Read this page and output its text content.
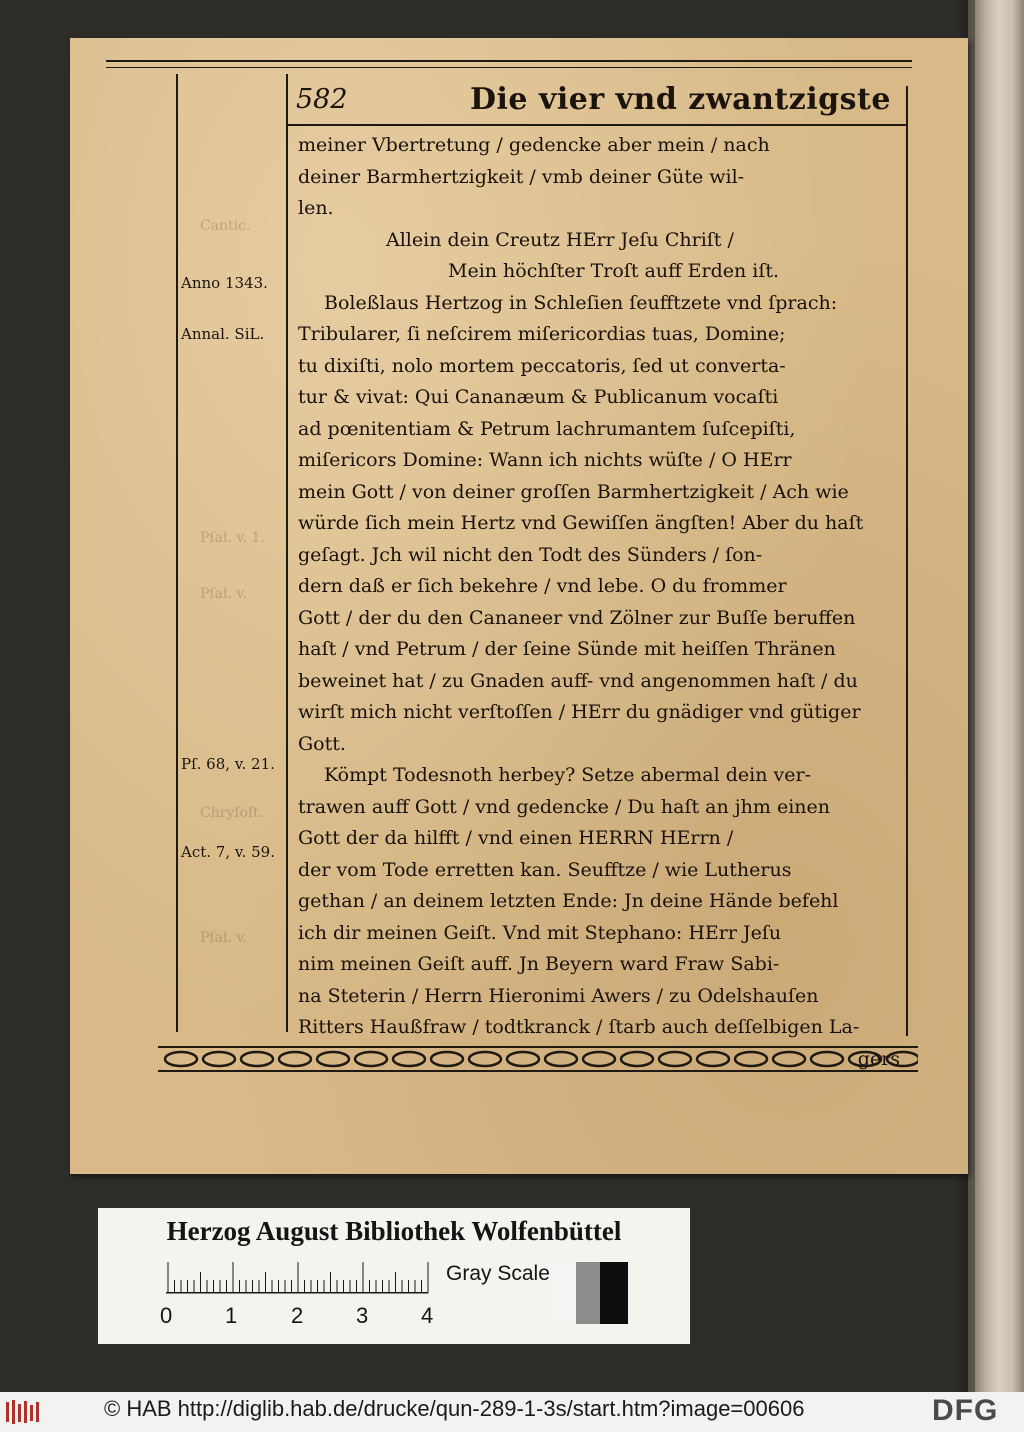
Cantic.
Pſal. v. 1.
Pſal. v.
Chryſoſt.
Pſal. v.
582	Die vier vnd zwantzigste
Anno 1343.
Annal. SiL.
Pſ. 68, v. 21.
Act. 7, v. 59.
meiner Vbertretung / gedencke aber mein / nach
deiner Barmhertzigkeit / vmb deiner Güte wil-
len.
Allein dein Creutz HErr Jeſu Chriſt /
Mein höchſter Troſt auff Erden iſt.
Boleßlaus Hertzog in Schleſien ſeufftzete vnd ſprach:
Tribularer, ſi neſcirem miſericordias tuas, Domine;
tu dixiſti, nolo mortem peccatoris, ſed ut converta-
tur & vivat: Qui Cananæum & Publicanum vocaſti
ad pœnitentiam & Petrum lachrumantem ſuſcepiſti,
miſericors Domine: Wann ich nichts wüſte / O HErr
mein Gott / von deiner groſſen Barmhertzigkeit / Ach wie
würde ſich mein Hertz vnd Gewiſſen ängſten! Aber du haſt
geſagt. Jch wil nicht den Todt des Sünders / ſon-
dern daß er ſich bekehre / vnd lebe. O du frommer
Gott / der du den Cananeer vnd Zölner zur Buſſe beruffen
haſt / vnd Petrum / der ſeine Sünde mit heiſſen Thränen
beweinet hat / zu Gnaden auff- vnd angenommen haſt / du
wirſt mich nicht verſtoſſen / HErr du gnädiger vnd gütiger
Gott.
Kömpt Todesnoth herbey? Setze abermal dein ver-
trawen auff Gott / vnd gedencke / Du haſt an jhm einen
Gott der da hilfft / vnd einen HERRN HErrn /
der vom Tode erretten kan. Seufftze / wie Lutherus
gethan / an deinem letzten Ende: Jn deine Hände befehl
ich dir meinen Geiſt. Vnd mit Stephano: HErr Jeſu
nim meinen Geiſt auff. Jn Beyern ward Fraw Sabi-
na Steterin / Herrn Hieronimi Awers / zu Odelshauſen
Ritters Haußfraw / todtkranck / ſtarb auch deſſelbigen La-
gers
Herzog August Bibliothek Wolfenbüttel
0 1 2 3 4
Gray Scale
© HAB http://diglib.hab.de/drucke/qun-289-1-3s/start.htm?image=00606	DFG
